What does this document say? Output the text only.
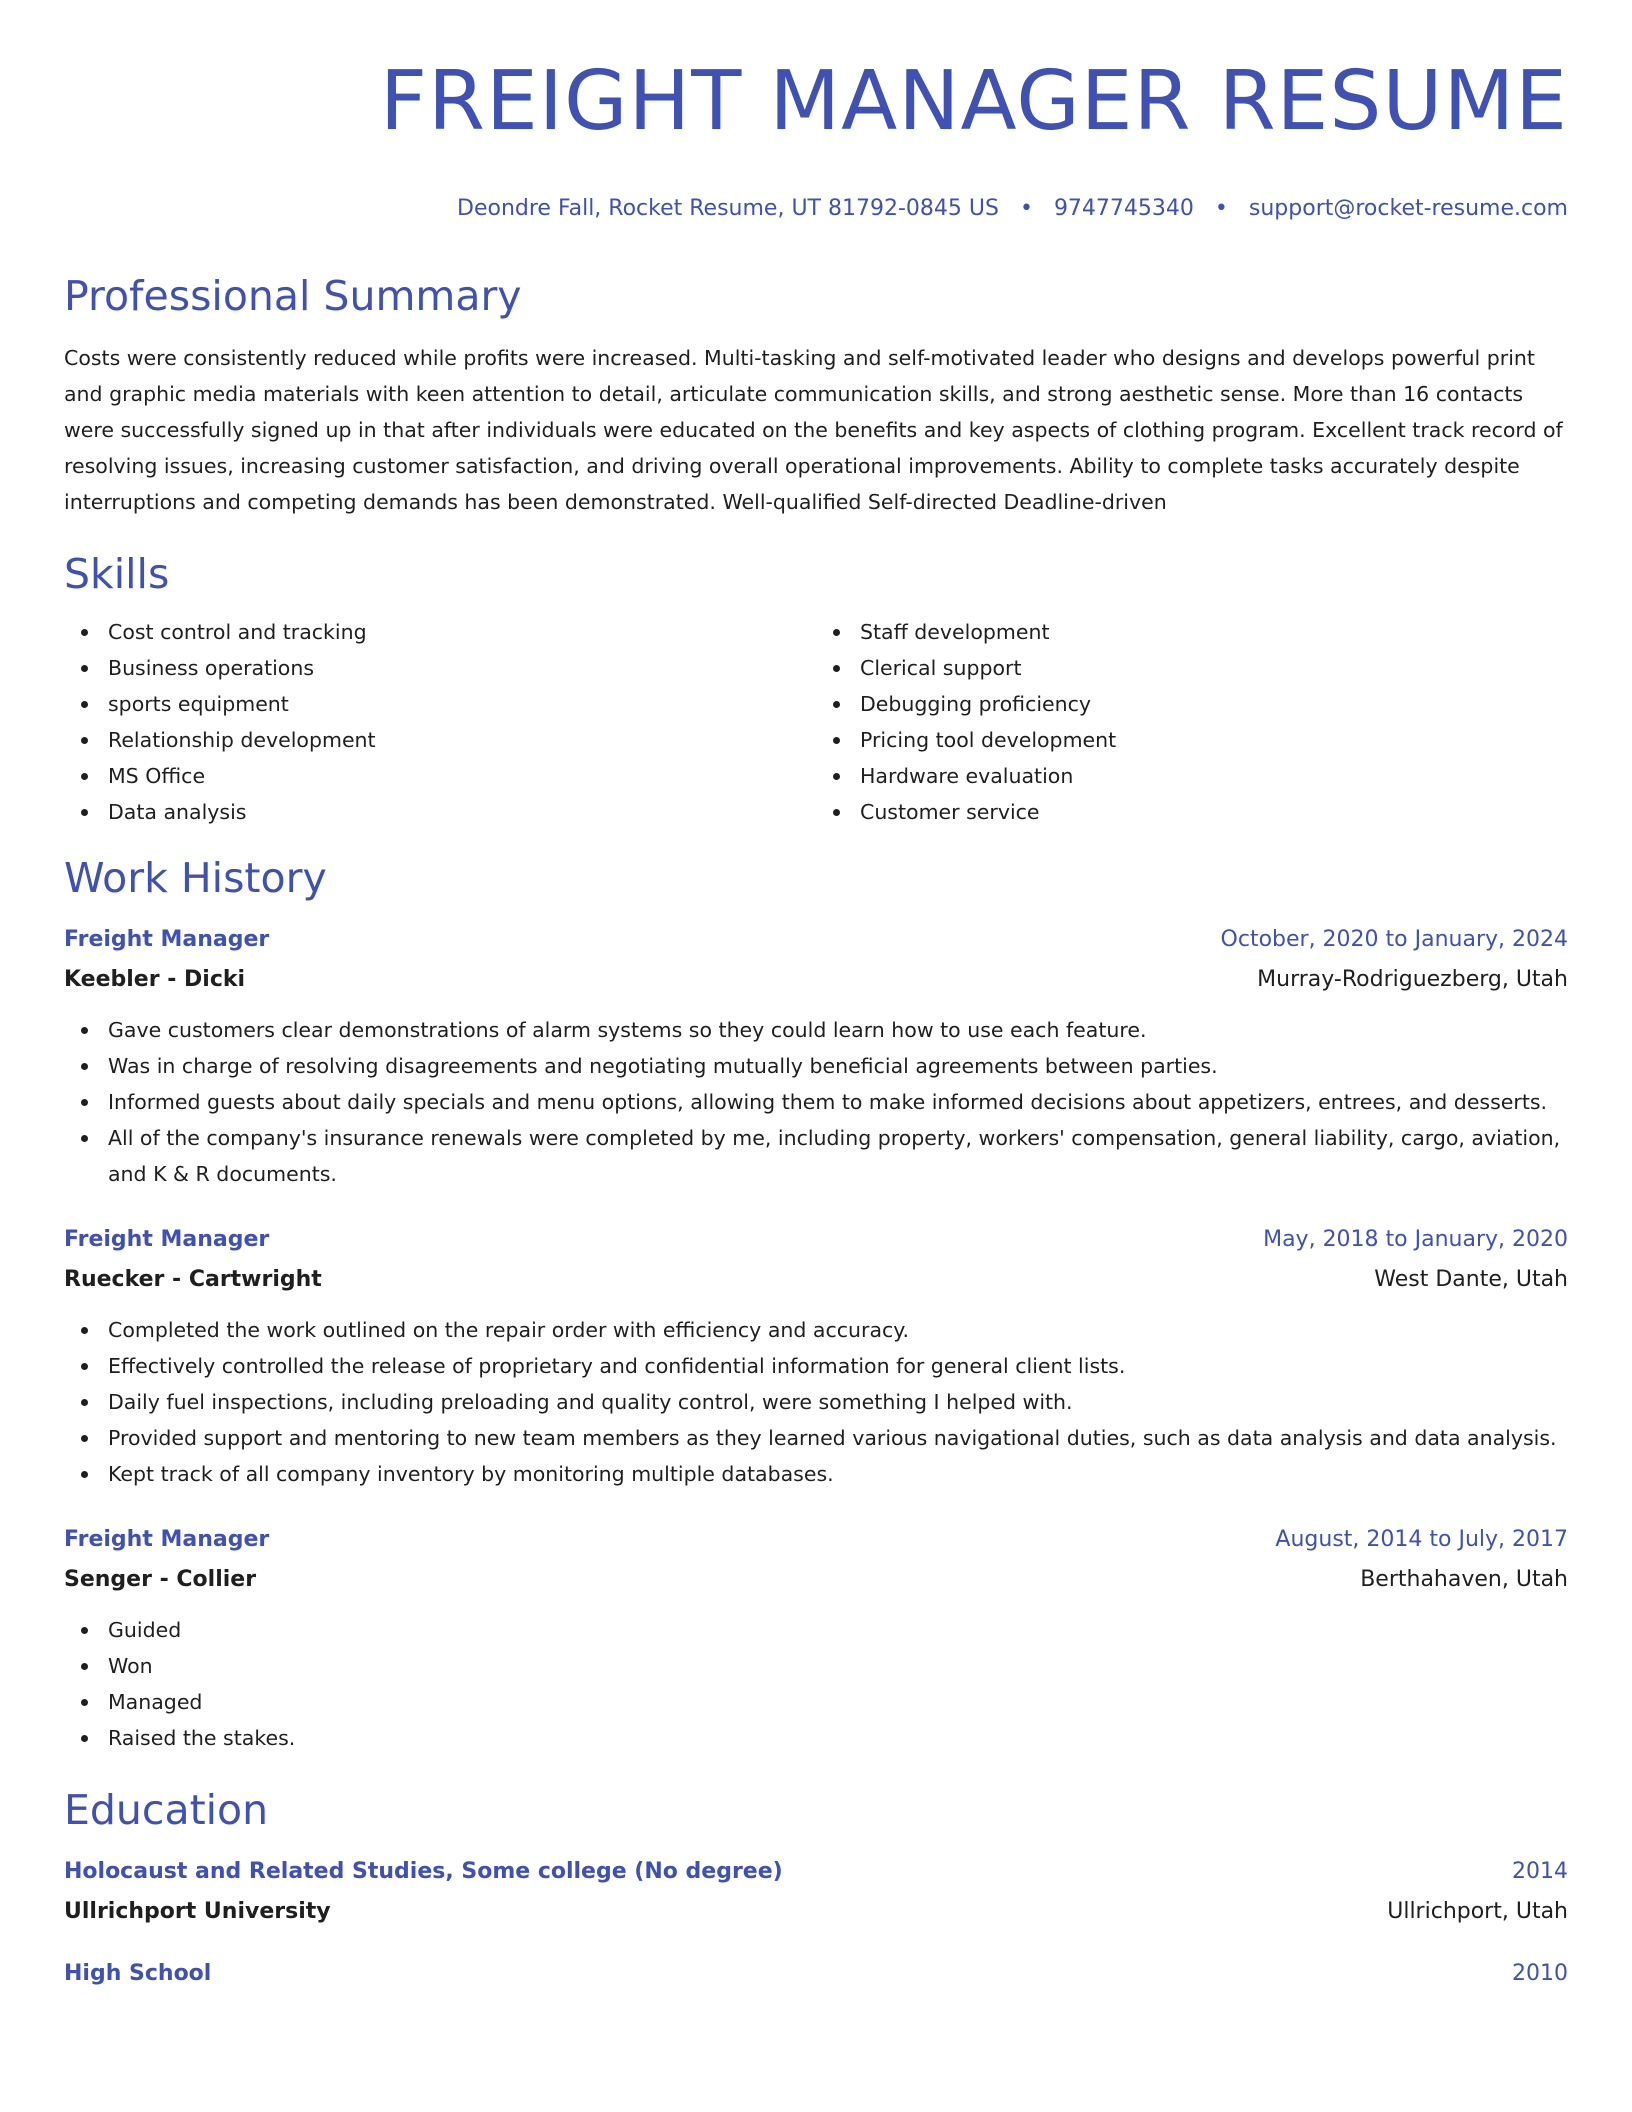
FREIGHT MANAGER RESUME
Deondre Fall, Rocket Resume, UT 81792-0845 US • 9747745340 • support@rocket-resume.com
Professional Summary

Costs were consistently reduced while profits were increased. Multi-tasking and self-motivated leader who designs and develops powerful print and graphic media materials with keen attention to detail, articulate communication skills, and strong aesthetic sense. More than 16 contacts were successfully signed up in that after individuals were educated on the benefits and key aspects of clothing program. Excellent track record of resolving issues, increasing customer satisfaction, and driving overall operational improvements. Ability to complete tasks accurately despite interruptions and competing demands has been demonstrated. Well-qualified Self-directed Deadline-driven

Skills
Cost control and tracking
Business operations
sports equipment
Relationship development
MS Office
Data analysis
Staff development
Clerical support
Debugging proficiency
Pricing tool development
Hardware evaluation
Customer service
Work History
Freight Manager	October, 2020 to January, 2024
Keebler - Dicki	Murray-Rodriguezberg, Utah
Gave customers clear demonstrations of alarm systems so they could learn how to use each feature.
Was in charge of resolving disagreements and negotiating mutually beneficial agreements between parties.
Informed guests about daily specials and menu options, allowing them to make informed decisions about appetizers, entrees, and desserts.
All of the company's insurance renewals were completed by me, including property, workers' compensation, general liability, cargo, aviation, and K & R documents.
Freight Manager	May, 2018 to January, 2020
Ruecker - Cartwright	West Dante, Utah
Completed the work outlined on the repair order with efficiency and accuracy.
Effectively controlled the release of proprietary and confidential information for general client lists.
Daily fuel inspections, including preloading and quality control, were something I helped with.
Provided support and mentoring to new team members as they learned various navigational duties, such as data analysis and data analysis.
Kept track of all company inventory by monitoring multiple databases.
Freight Manager	August, 2014 to July, 2017
Senger - Collier	Berthahaven, Utah
Guided
Won
Managed
Raised the stakes.
Education
Holocaust and Related Studies, Some college (No degree)	2014
Ullrichport University	Ullrichport, Utah
High School	2010
